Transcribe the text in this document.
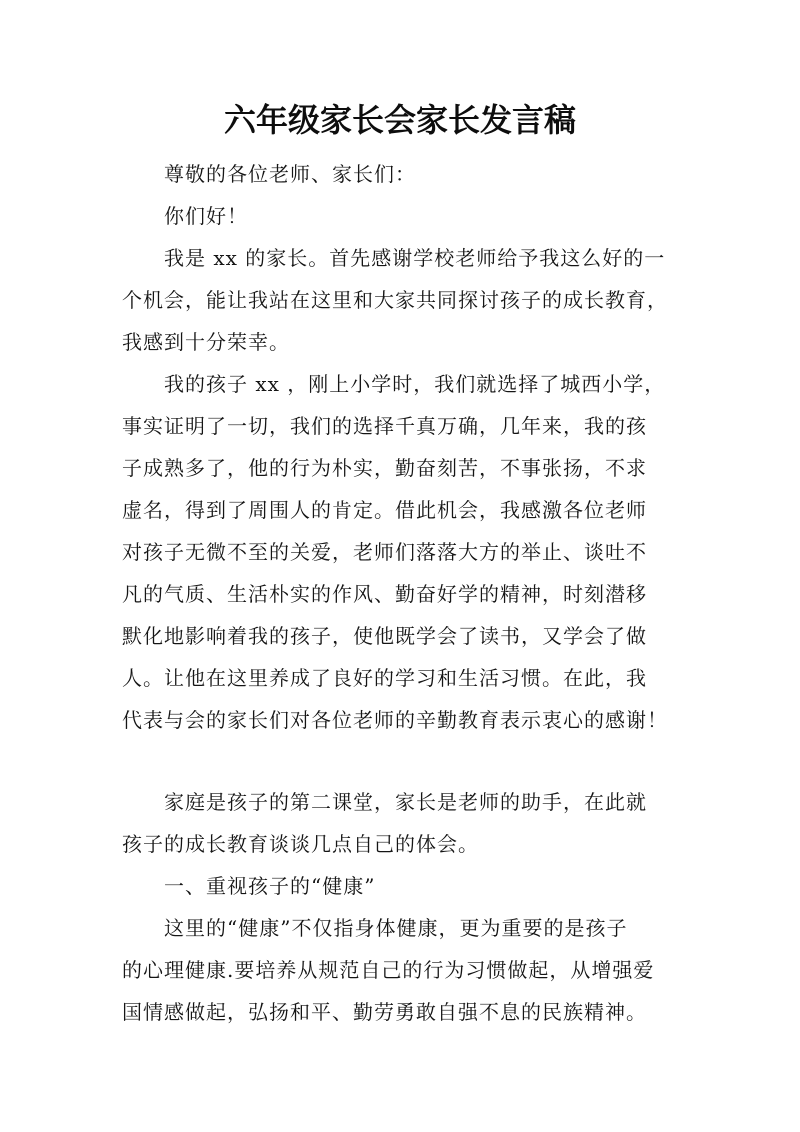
六年级家长会家长发言稿
尊敬的各位老师、家长们：
你们好！
我是 xx 的家长。首先感谢学校老师给予我这么好的一
个机会，能让我站在这里和大家共同探讨孩子的成长教育，
我感到十分荣幸。
我的孩子 xx ，刚上小学时，我们就选择了城西小学，
事实证明了一切，我们的选择千真万确，几年来，我的孩
子成熟多了，他的行为朴实，勤奋刻苦，不事张扬，不求
虚名，得到了周围人的肯定。借此机会，我感激各位老师
对孩子无微不至的关爱，老师们落落大方的举止、谈吐不
凡的气质、生活朴实的作风、勤奋好学的精神，时刻潜移
默化地影响着我的孩子，使他既学会了读书，又学会了做
人。让他在这里养成了良好的学习和生活习惯。在此，我
代表与会的家长们对各位老师的辛勤教育表示衷心的感谢！
家庭是孩子的第二课堂，家长是老师的助手，在此就
孩子的成长教育谈谈几点自己的体会。
一、重视孩子的“健康”
这里的“健康”不仅指身体健康，更为重要的是孩子
的心理健康.要培养从规范自己的行为习惯做起，从增强爱
国情感做起，弘扬和平、勤劳勇敢自强不息的民族精神。
